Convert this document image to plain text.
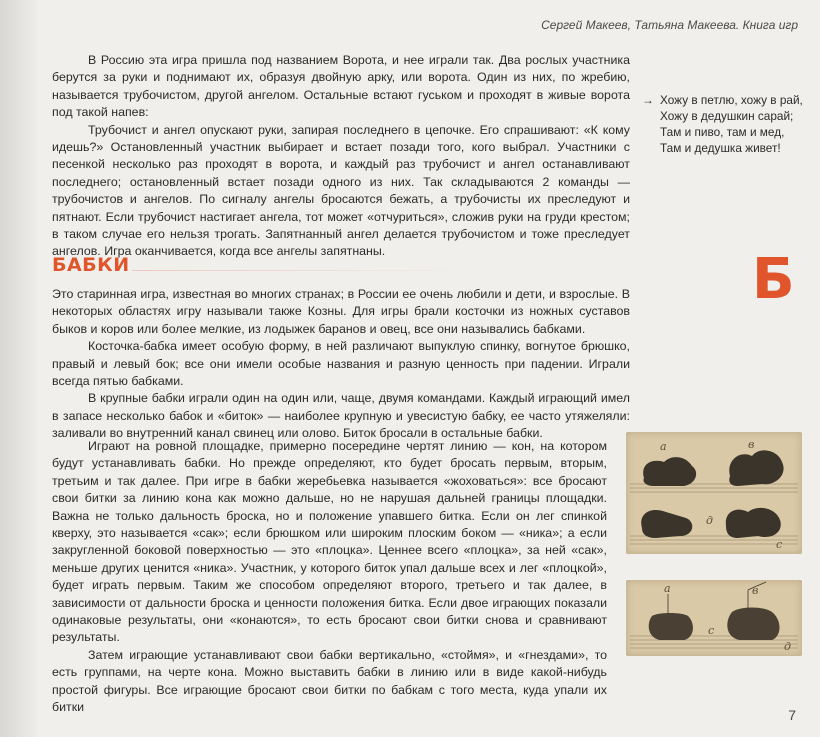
Сергей Макеев, Татьяна Макеева. Книга игр

В Россию эта игра пришла под названием Ворота, и нее играли так. Два рослых участника берутся за руки и поднимают их, образуя двойную арку, или ворота. Один из них, по жребию, называется трубочистом, другой ангелом. Остальные встают гуськом и проходят в живые ворота под такой напев:

Трубочист и ангел опускают руки, запирая последнего в цепочке. Его спрашивают: «К кому идешь?» Остановленный участник выбирает и встает позади того, кого выбрал. Участники с песенкой несколько раз проходят в ворота, и каждый раз трубочист и ангел останавливают последнего; остановленный встает позади одного из них. Так складываются 2 команды — трубочистов и ангелов. По сигналу ангелы бросаются бежать, а трубочисты их преследуют и пятнают. Если трубочист настигает ангела, тот может «отчуриться», сложив руки на груди крестом; в таком случае его нельзя трогать. Запятнанный ангел делается трубочистом и тоже преследует ангелов. Игра оканчивается, когда все ангелы запятнаны.

→ Хожу в петлю, хожу в рай,
Хожу в дедушкин сарай;
Там и пиво, там и мед,
Там и дедушка живет!
БАБКИ	Б

Это старинная игра, известная во многих странах; в России ее очень любили и дети, и взрослые. В некоторых областях игру называли также Козны. Для игры брали косточки из ножных суставов быков и коров или более мелкие, из лодыжек баранов и овец, все они назывались бабками.

Косточка-бабка имеет особую форму, в ней различают выпуклую спинку, вогнутое брюшко, правый и левый бок; все они имели особые названия и разную ценность при падении. Играли всегда пятью бабками.

В крупные бабки играли один на один или, чаще, двумя командами. Каждый играющий имел в запасе несколько бабок и «биток» — наиболее крупную и увесистую бабку, ее часто утяжеляли: заливали во внутренний канал свинец или олово. Биток бросали в остальные бабки.

Играют на ровной площадке, примерно посередине чертят линию — кон, на котором будут устанавливать бабки. Но прежде определяют, кто будет бросать первым, вторым, третьим и так далее. При игре в бабки жеребьевка называется «жоховаться»: все бросают свои битки за линию кона как можно дальше, но не нарушая дальней границы площадки. Важна не только дальность броска, но и положение упавшего битка. Если он лег спинкой кверху, это называется «сак»; если брюшком или широким плоским боком — «ника»; а если закругленной боковой поверхностью — это «плоцка». Ценнее всего «плоцка», за ней «сак», меньше других ценится «ника». Участник, у которого биток упал дальше всех и лег «плоцкой», будет играть первым. Таким же способом определяют второго, третьего и так далее, в зависимости от дальности броска и ценности положения битка. Если двое играющих показали одинаковые результаты, они «конаются», то есть бросают свои битки снова и сравнивают результаты.

Затем играющие устанавливают свои бабки вертикально, «стоймя», и «гнездами», то есть группами, на черте кона. Можно выставить бабки в линию или в виде какой-нибудь простой фигуры. Все играющие бросают свои битки по бабкам с того места, куда упали их битки

а	в
д
с
а	в
с
д
7
